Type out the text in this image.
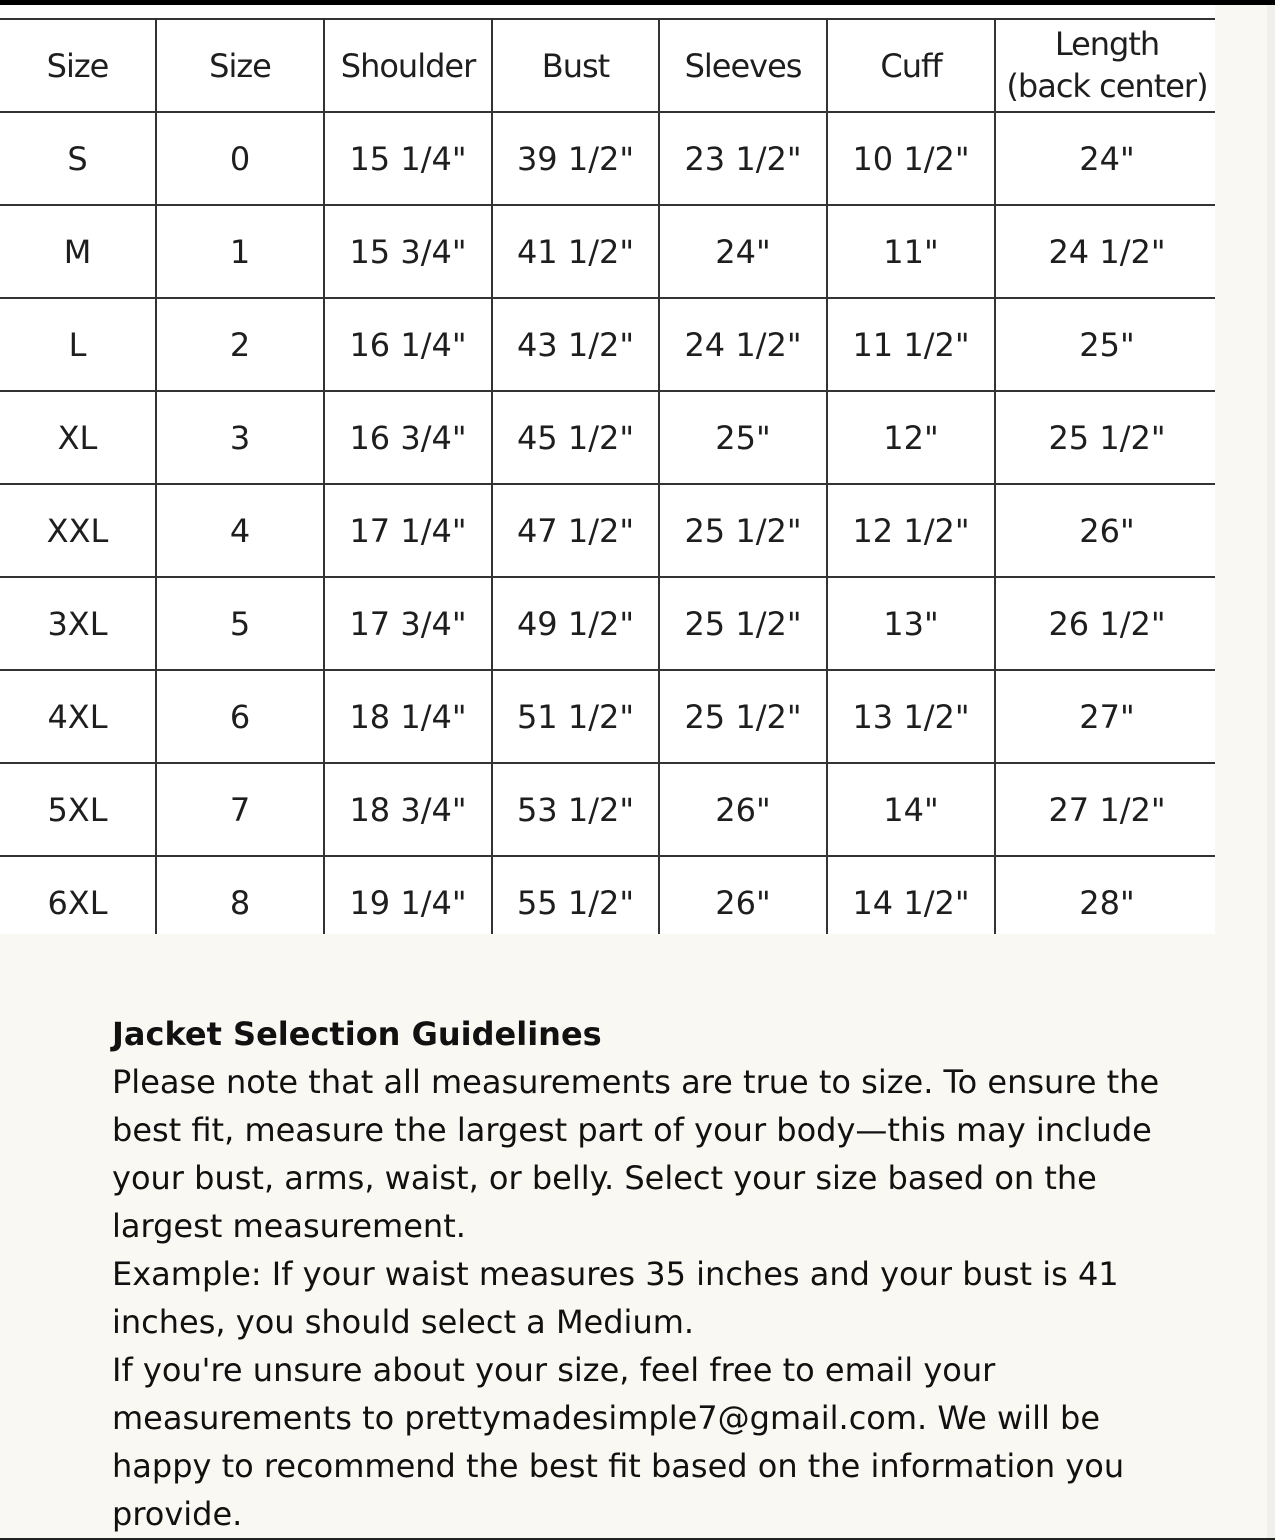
Size	Size	Shoulder	Bust	Sleeves	Cuff	Length
(back center)
S	0	15 1/4"	39 1/2"	23 1/2"	10 1/2"	24"
M	1	15 3/4"	41 1/2"	24"	11"	24 1/2"
L	2	16 1/4"	43 1/2"	24 1/2"	11 1/2"	25"
XL	3	16 3/4"	45 1/2"	25"	12"	25 1/2"
XXL	4	17 1/4"	47 1/2"	25 1/2"	12 1/2"	26"
3XL	5	17 3/4"	49 1/2"	25 1/2"	13"	26 1/2"
4XL	6	18 1/4"	51 1/2"	25 1/2"	13 1/2"	27"
5XL	7	18 3/4"	53 1/2"	26"	14"	27 1/2"
6XL	8	19 1/4"	55 1/2"	26"	14 1/2"	28"
Jacket Selection Guidelines

Please note that all measurements are true to size. To ensure the best fit, measure the largest part of your body—this may include your bust, arms, waist, or belly. Select your size based on the largest measurement.

Example: If your waist measures 35 inches and your bust is 41 inches, you should select a Medium.

If you're unsure about your size, feel free to email your measurements to prettymadesimple7@gmail.com. We will be happy to recommend the best fit based on the information you provide.
